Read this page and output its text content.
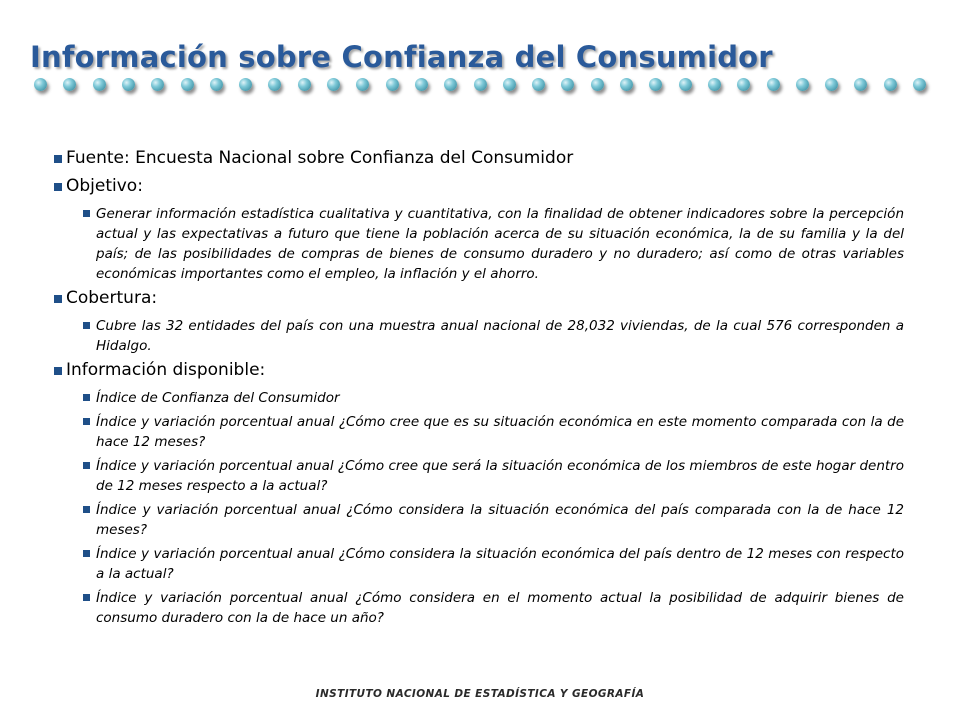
Información sobre Confianza del Consumidor
Fuente: Encuesta Nacional sobre Confianza del Consumidor
Objetivo:
Generar información estadística cualitativa y cuantitativa, con la finalidad de obtener indicadores sobre la percepción actual y las expectativas a futuro que tiene la población acerca de su situación económica, la de su familia y la del país; de las posibilidades de compras de bienes de consumo duradero y no duradero; así como de otras variables económicas importantes como el empleo, la inflación y el ahorro.
Cobertura:
Cubre las 32 entidades del país con una muestra anual nacional de 28,032 viviendas, de la cual 576 corresponden a Hidalgo.
Información disponible:
Índice de Confianza del Consumidor
Índice y variación porcentual anual ¿Cómo cree que es su situación económica en este momento comparada con la de hace 12 meses?
Índice y variación porcentual anual ¿Cómo cree que será la situación económica de los miembros de este hogar dentro de 12 meses respecto a la actual?
Índice y variación porcentual anual ¿Cómo considera la situación económica del país comparada con la de hace 12 meses?
Índice y variación porcentual anual ¿Cómo considera la situación económica del país dentro de 12 meses con respecto a la actual?
Índice y variación porcentual anual ¿Cómo considera en el momento actual la posibilidad de adquirir bienes de consumo duradero con la de hace un año?
INSTITUTO NACIONAL DE ESTADÍSTICA Y GEOGRAFÍA
